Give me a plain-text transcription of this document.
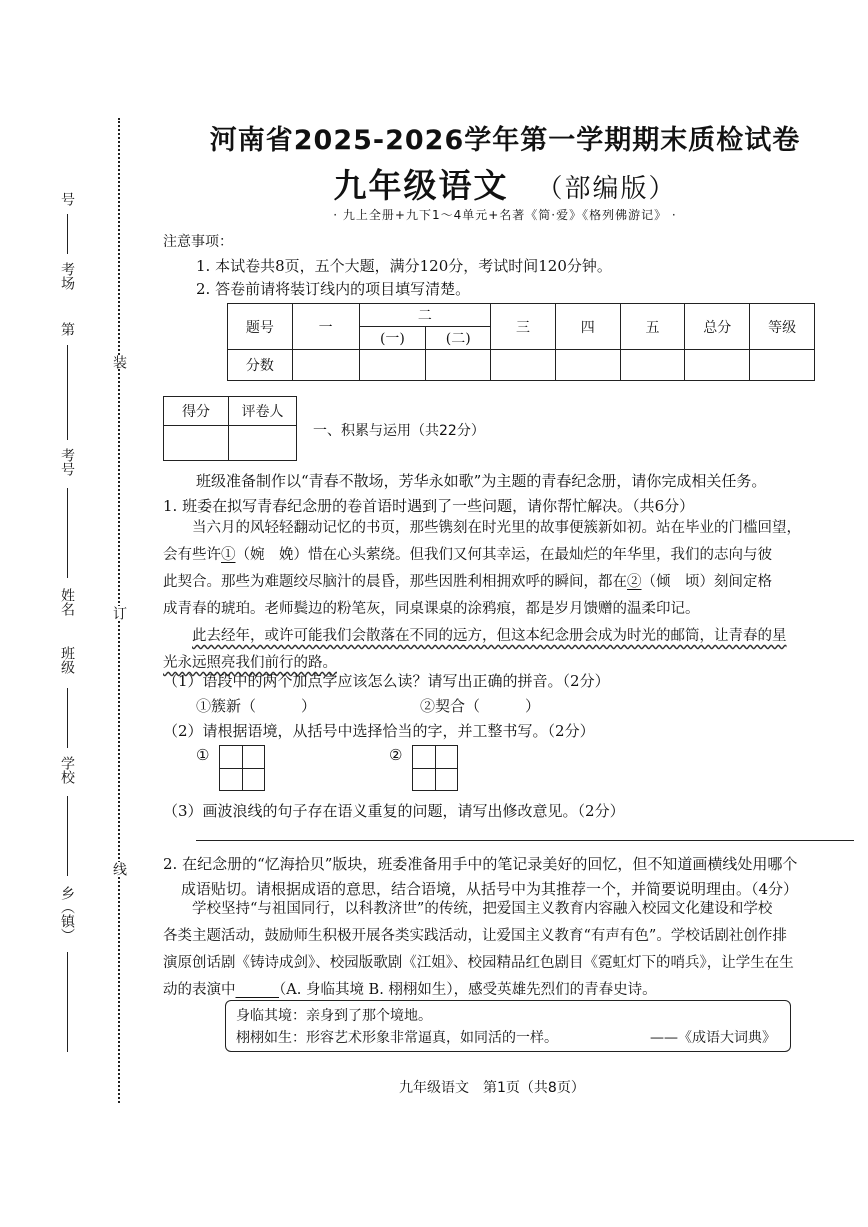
号
考场
第
装
考号
姓名	订
班级
学校
线
乡（镇）
河南省2025-2026学年第一学期期末质检试卷
九年级语文 （部编版）
· 九上全册+九下1～4单元+名著《简·爱》《格列佛游记》 ·
注意事项：
1. 本试卷共8页，五个大题，满分120分，考试时间120分钟。
2. 答卷前请将装订线内的项目填写清楚。
题号	一	二		三	四	五	总分	等级
		(一)	(二)					
分数								
得分	评卷人

一、积累与运用（共22分）
班级准备制作以“青春不散场，芳华永如歌”为主题的青春纪念册，请你完成相关任务。
1. 班委在拟写青春纪念册的卷首语时遇到了一些问题，请你帮忙解决。（共6分）
当六月的风轻轻翻动记忆的书页，那些镌刻在时光里的故事便簇新如初。站在毕业的门槛回望，
会有些许①（婉　娩）惜在心头萦绕。但我们又何其幸运，在最灿烂的年华里，我们的志向与彼
此契合。那些为难题绞尽脑汁的晨昏，那些因胜利相拥欢呼的瞬间，都在②（倾　顷）刻间定格
成青春的琥珀。老师鬓边的粉笔灰，同桌课桌的涂鸦痕，都是岁月馈赠的温柔印记。
此去经年，或许可能我们会散落在不同的远方，但这本纪念册会成为时光的邮筒，让青春的星
光永远照亮我们前行的路。
（1）语段中的两个加点字应该怎么读？请写出正确的拼音。（2分）
①簇新（　　　）	②契合（　　　）
（2）请根据语境，从括号中选择恰当的字，并工整书写。（2分）
①	②
（3）画波浪线的句子存在语义重复的问题，请写出修改意见。（2分）
2. 在纪念册的“忆海拾贝”版块，班委准备用手中的笔记录美好的回忆，但不知道画横线处用哪个
成语贴切。请根据成语的意思，结合语境，从括号中为其推荐一个，并简要说明理由。（4分）
学校坚持“与祖国同行，以科教济世”的传统，把爱国主义教育内容融入校园文化建设和学校
各类主题活动，鼓励师生积极开展各类实践活动，让爱国主义教育“有声有色”。学校话剧社创作排
演原创话剧《铸诗成剑》、校园版歌剧《江姐》、校园精品红色剧目《霓虹灯下的哨兵》，让学生在生
动的表演中　　　	（A. 身临其境 B. 栩栩如生），感受英雄先烈们的青春史诗。
身临其境：亲身到了那个境地。
栩栩如生：形容艺术形象非常逼真，如同活的一样。	——《成语大词典》
九年级语文　第1页（共8页）
